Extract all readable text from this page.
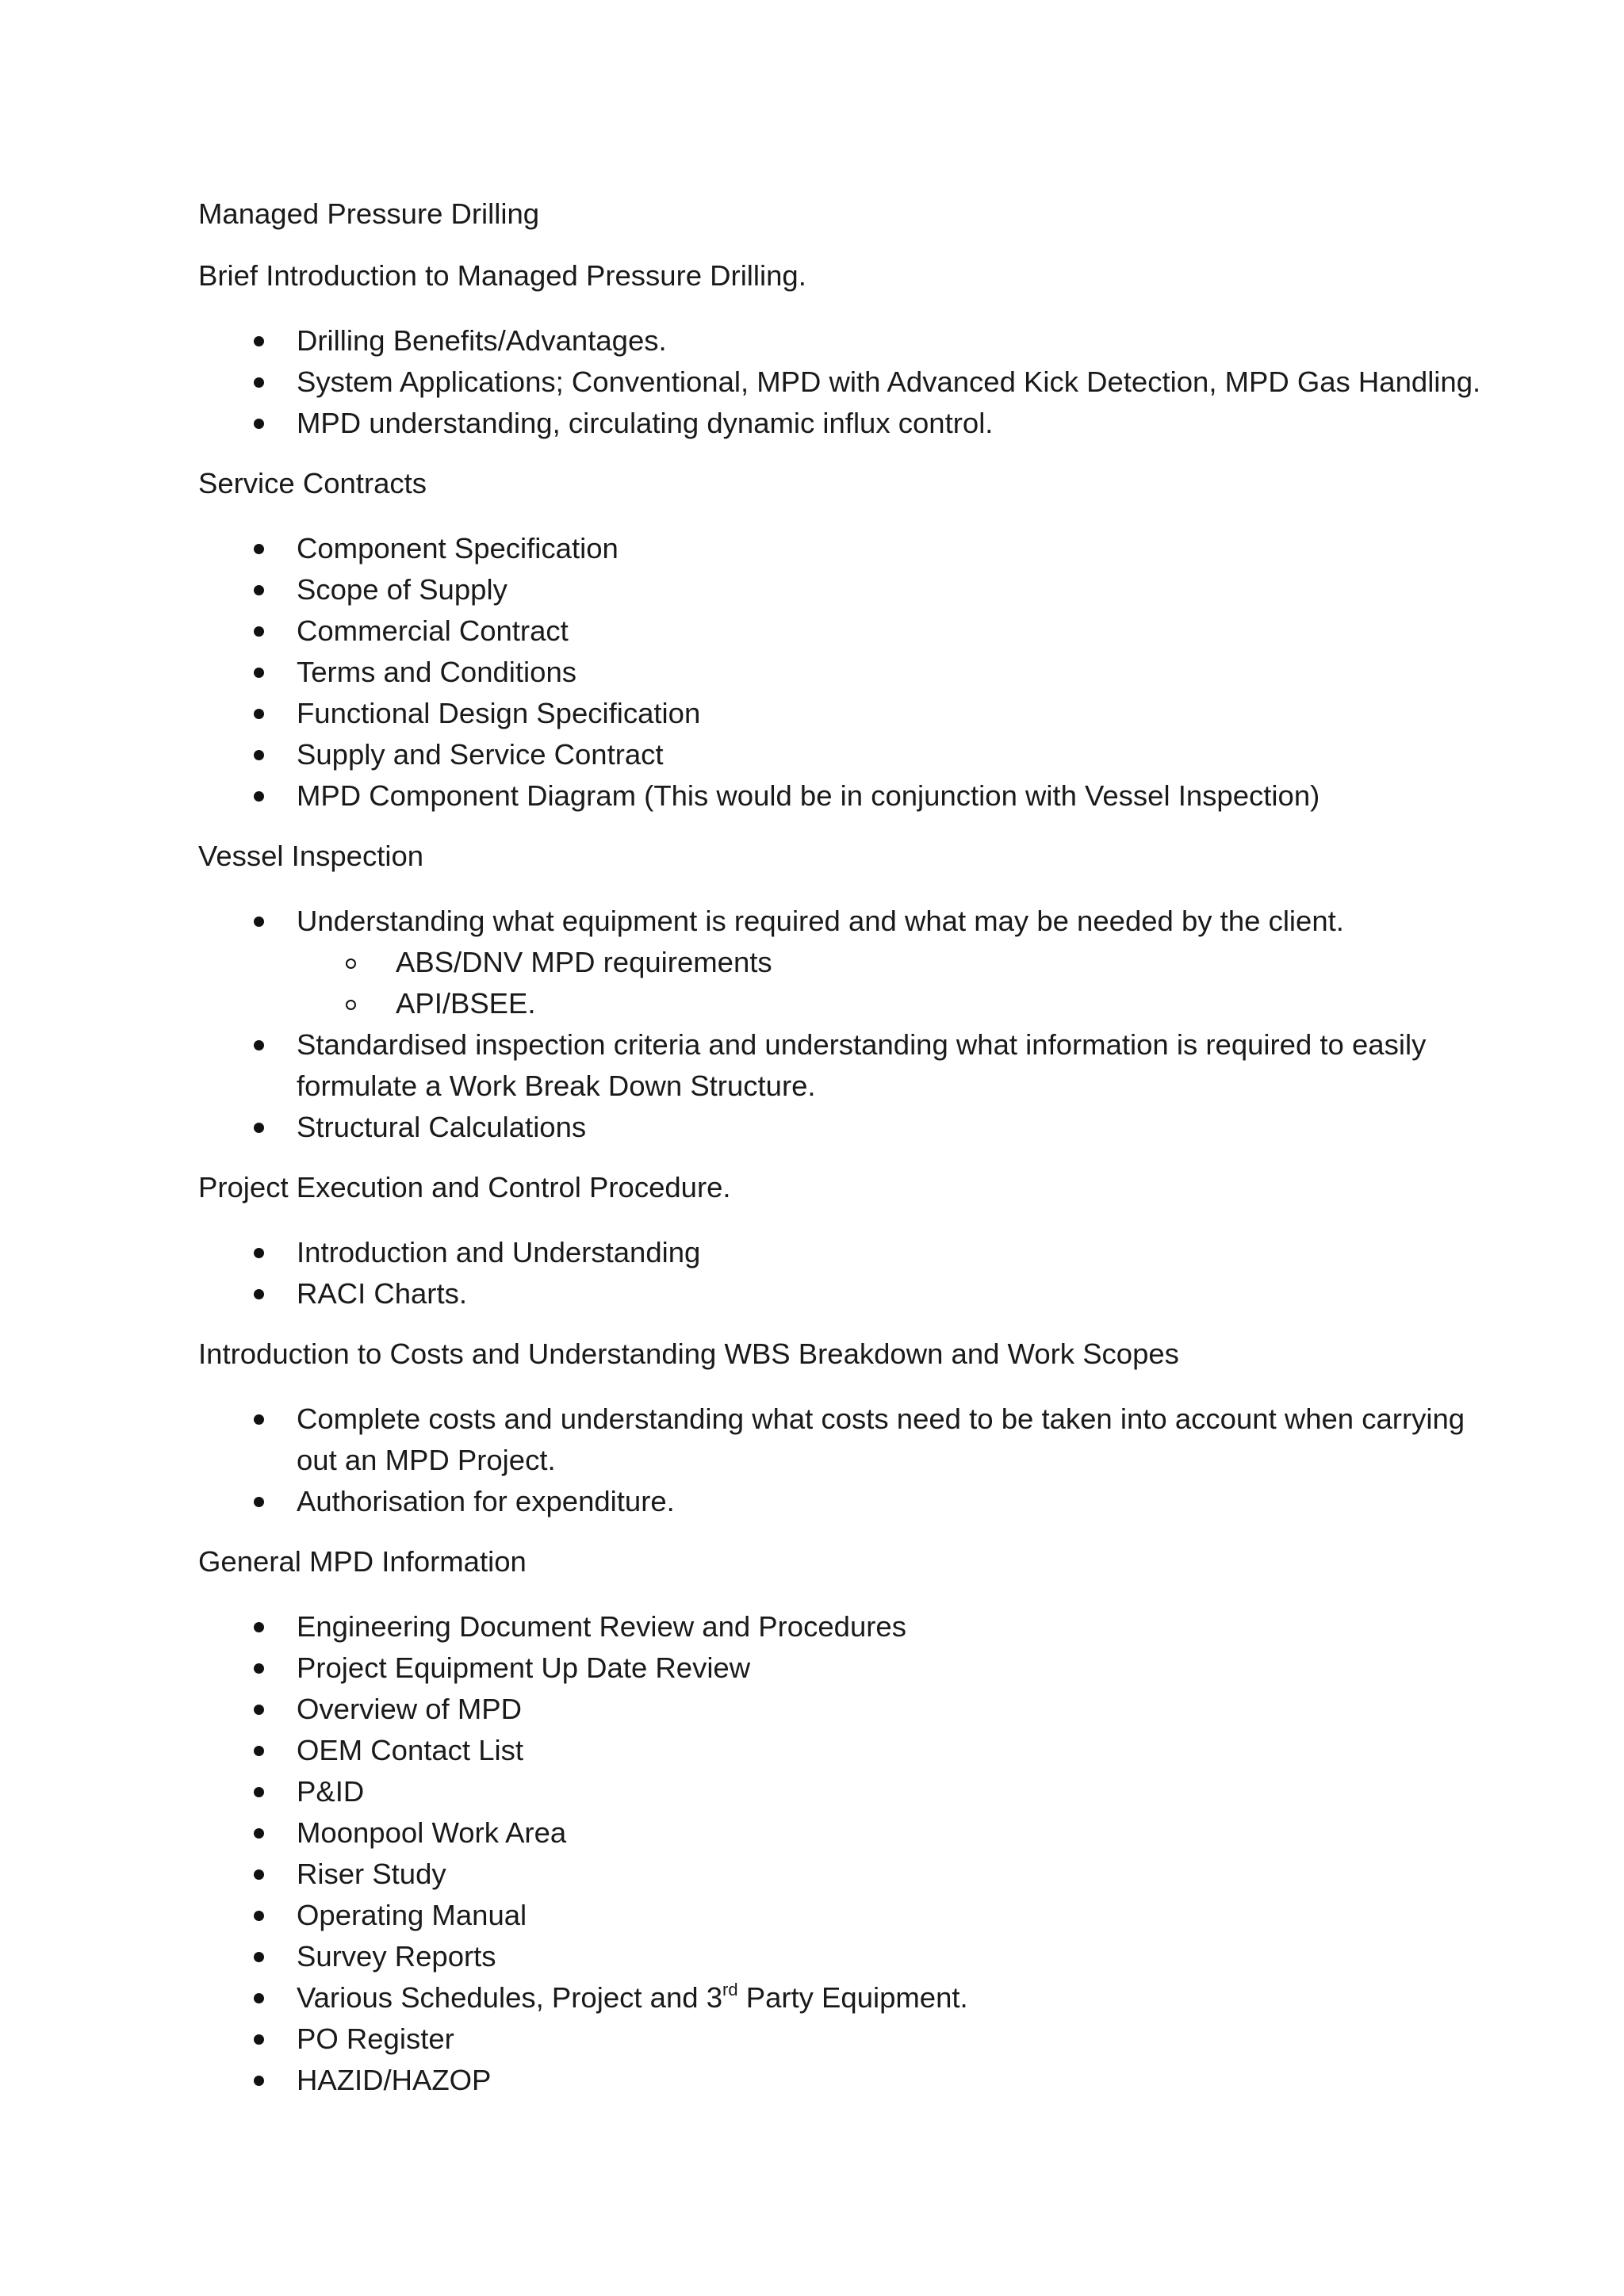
Managed Pressure Drilling

Brief Introduction to Managed Pressure Drilling.

Drilling Benefits/Advantages.
System Applications; Conventional, MPD with Advanced Kick Detection, MPD Gas Handling.
MPD understanding, circulating dynamic influx control.

Service Contracts

Component Specification
Scope of Supply
Commercial Contract
Terms and Conditions
Functional Design Specification
Supply and Service Contract
MPD Component Diagram (This would be in conjunction with Vessel Inspection)

Vessel Inspection

Understanding what equipment is required and what may be needed by the client.
ABS/DNV MPD requirements
API/BSEE.
Standardised inspection criteria and understanding what information is required to easily formulate a Work Break Down Structure.
Structural Calculations

Project Execution and Control Procedure.

Introduction and Understanding
RACI Charts.

Introduction to Costs and Understanding WBS Breakdown and Work Scopes

Complete costs and understanding what costs need to be taken into account when carrying out an MPD Project.
Authorisation for expenditure.

General MPD Information

Engineering Document Review and Procedures
Project Equipment Up Date Review
Overview of MPD
OEM Contact List
P&ID
Moonpool Work Area
Riser Study
Operating Manual
Survey Reports
Various Schedules, Project and 3rd Party Equipment.
PO Register
HAZID/HAZOP
